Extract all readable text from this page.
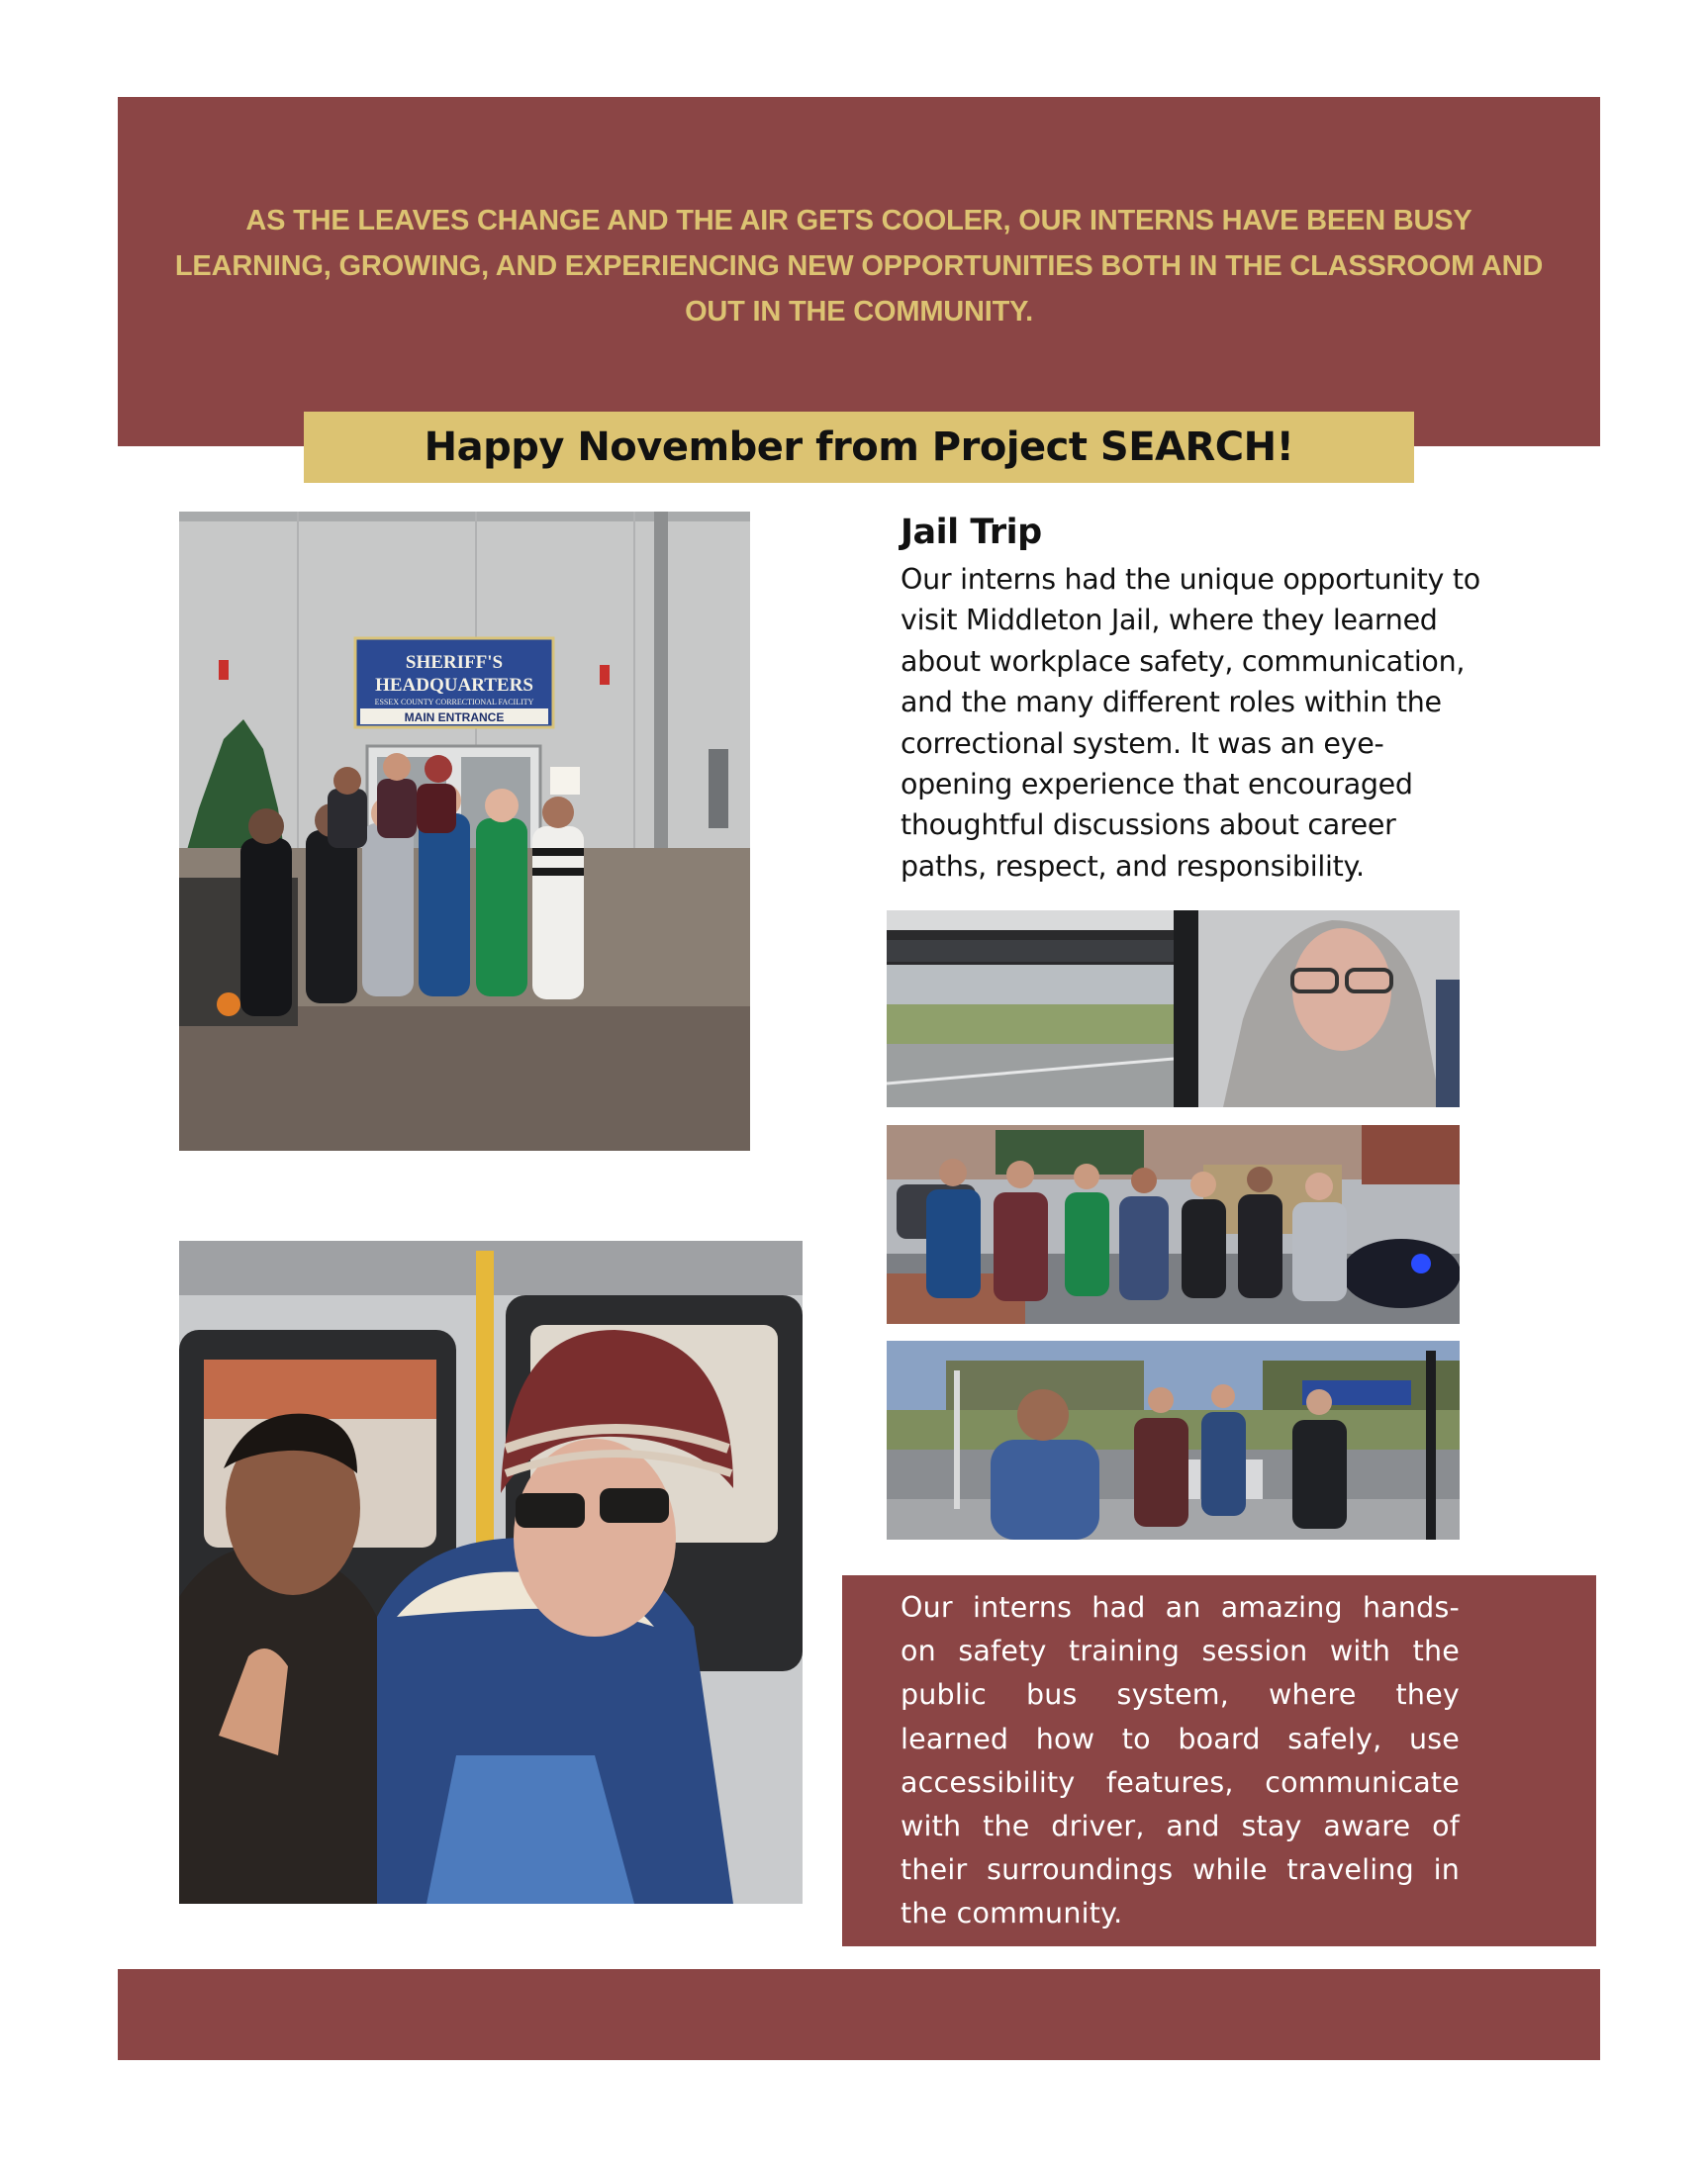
AS THE LEAVES CHANGE AND THE AIR GETS COOLER, OUR INTERNS HAVE BEEN BUSY
LEARNING, GROWING, AND EXPERIENCING NEW OPPORTUNITIES BOTH IN THE CLASSROOM AND
OUT IN THE COMMUNITY.
Happy November from Project SEARCH!
SHERIFF'S
HEADQUARTERS
ESSEX COUNTY CORRECTIONAL FACILITY
MAIN ENTRANCE
Jail Trip
Our interns had the unique opportunity to
visit Middleton Jail, where they learned
about workplace safety, communication,
and the many different roles within the
correctional system. It was an eye-
opening experience that encouraged
thoughtful discussions about career
paths, respect, and responsibility.
Our interns had an amazing hands-
on safety training session with the
public bus system, where they
learned how to board safely, use
accessibility features, communicate
with the driver, and stay aware of
their surroundings while traveling in
the community.
